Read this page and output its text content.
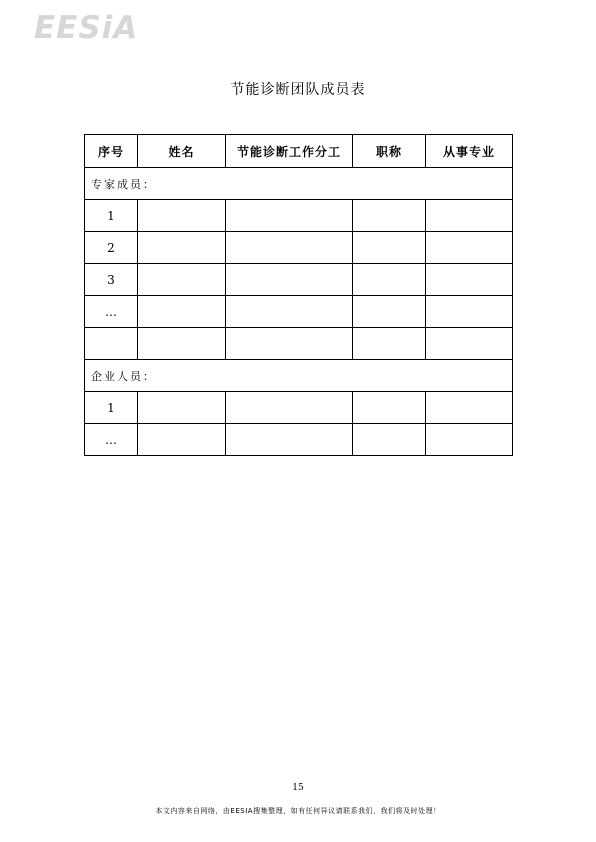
EESiA
节能诊断团队成员表
序号	姓名	节能诊断工作分工	职称	从事专业
专家成员：				
1				
2				
3				
…				

企业人员：				
1				
…				
15
本文内容来自网络，由EESIA搜集整理，如有任何异议请联系我们，我们将及时处理！
